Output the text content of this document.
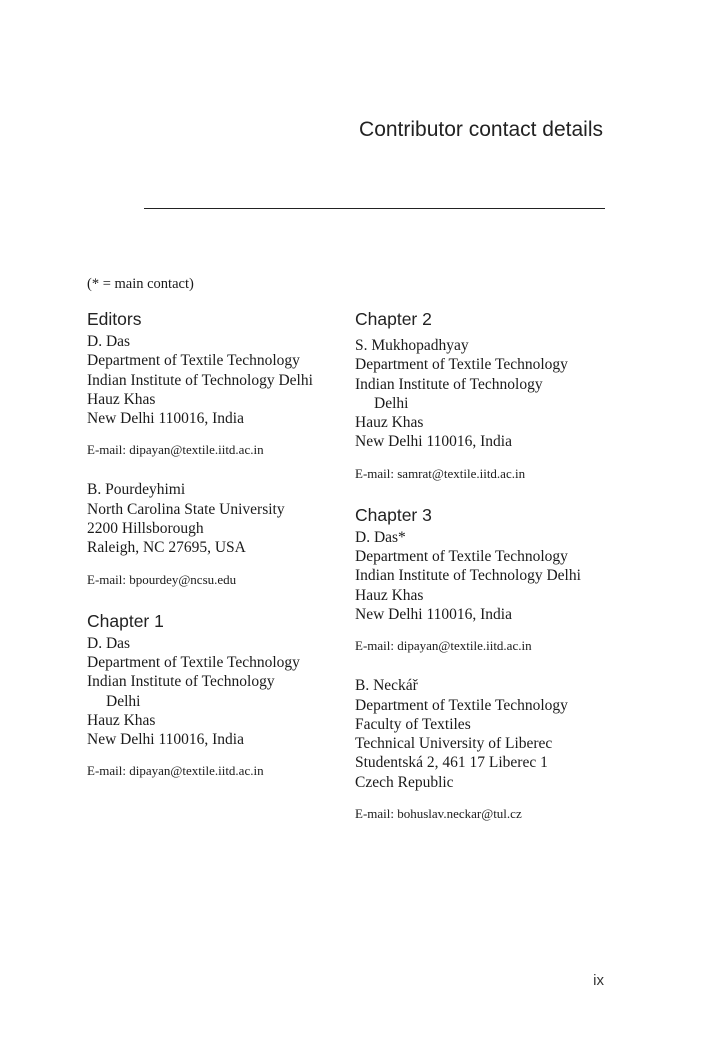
Contributor contact details
(* = main contact)
Editors
D. Das
Department of Textile Technology
Indian Institute of Technology Delhi
Hauz Khas
New Delhi 110016, India
E-mail: dipayan@textile.iitd.ac.in
B. Pourdeyhimi
North Carolina State University
2200 Hillsborough
Raleigh, NC 27695, USA
E-mail: bpourdey@ncsu.edu
Chapter 1
D. Das
Department of Textile Technology
Indian Institute of Technology
Delhi
Hauz Khas
New Delhi 110016, India
E-mail: dipayan@textile.iitd.ac.in
Chapter 2
S. Mukhopadhyay
Department of Textile Technology
Indian Institute of Technology
Delhi
Hauz Khas
New Delhi 110016, India
E-mail: samrat@textile.iitd.ac.in
Chapter 3
D. Das*
Department of Textile Technology
Indian Institute of Technology Delhi
Hauz Khas
New Delhi 110016, India
E-mail: dipayan@textile.iitd.ac.in
B. Neckář
Department of Textile Technology
Faculty of Textiles
Technical University of Liberec
Studentská 2, 461 17 Liberec 1
Czech Republic
E-mail: bohuslav.neckar@tul.cz
ix
